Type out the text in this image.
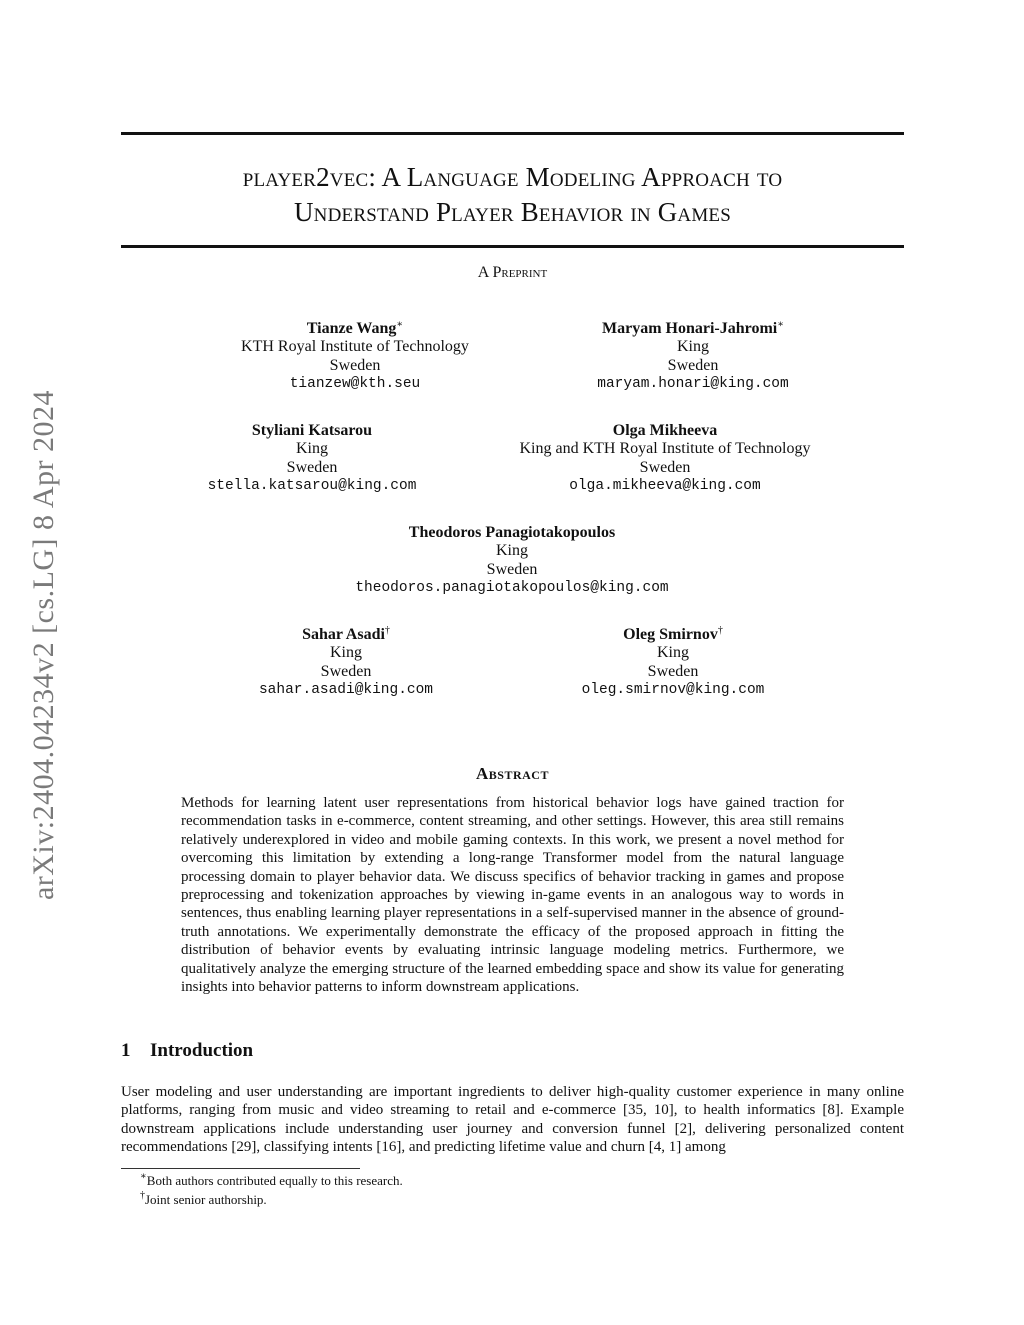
arXiv:2404.04234v2 [cs.LG] 8 Apr 2024
player2vec: A Language Modeling Approach to
Understand Player Behavior in Games
A Preprint
Tianze Wang∗
KTH Royal Institute of Technology
Sweden
tianzew@kth.seu
Maryam Honari-Jahromi∗
King
Sweden
maryam.honari@king.com
Styliani Katsarou
King
Sweden
stella.katsarou@king.com
Olga Mikheeva
King and KTH Royal Institute of Technology
Sweden
olga.mikheeva@king.com
Theodoros Panagiotakopoulos
King
Sweden
theodoros.panagiotakopoulos@king.com
Sahar Asadi†
King
Sweden
sahar.asadi@king.com
Oleg Smirnov†
King
Sweden
oleg.smirnov@king.com
Abstract
Methods for learning latent user representations from historical behavior logs have gained traction for recommendation tasks in e-commerce, content streaming, and other settings. However, this area still remains relatively underexplored in video and mobile gaming contexts. In this work, we present a novel method for overcoming this limitation by extending a long-range Transformer model from the natural language processing domain to player behavior data. We discuss specifics of behavior tracking in games and propose preprocessing and tokenization approaches by viewing in-game events in an analogous way to words in sentences, thus enabling learning player representations in a self-supervised manner in the absence of ground-truth annotations. We experimentally demonstrate the efficacy of the proposed approach in fitting the distribution of behavior events by evaluating intrinsic language modeling metrics. Furthermore, we qualitatively analyze the emerging structure of the learned embedding space and show its value for generating insights into behavior patterns to inform downstream applications.
1 Introduction
User modeling and user understanding are important ingredients to deliver high-quality customer experience in many online platforms, ranging from music and video streaming to retail and e-commerce [35, 10], to health informatics [8]. Example downstream applications include understanding user journey and conversion funnel [2], delivering personalized content recommendations [29], classifying intents [16], and predicting lifetime value and churn [4, 1] among
∗Both authors contributed equally to this research.
†Joint senior authorship.
